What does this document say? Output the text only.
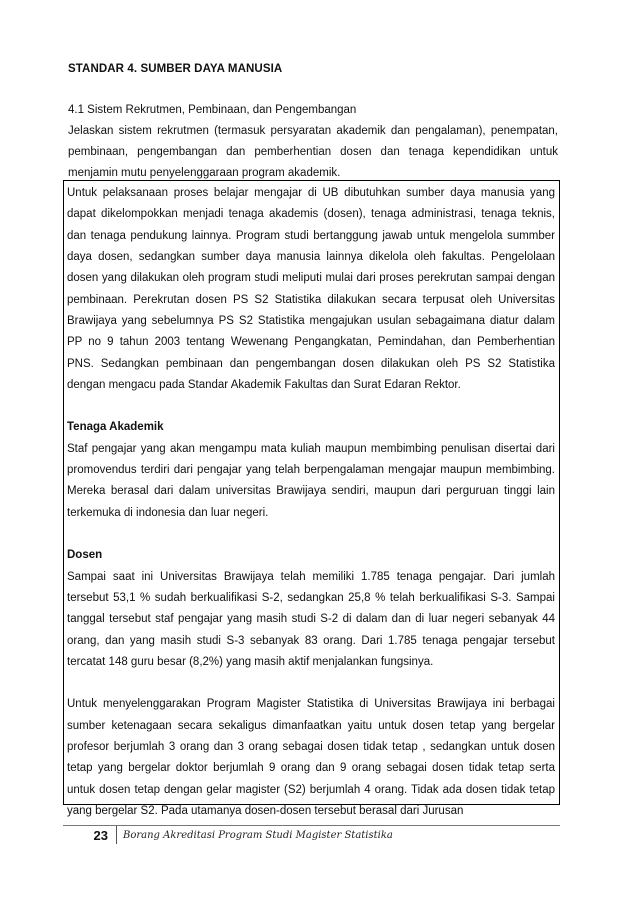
STANDAR 4. SUMBER DAYA MANUSIA
4.1 Sistem Rekrutmen, Pembinaan, dan Pengembangan
Jelaskan sistem rekrutmen (termasuk persyaratan akademik dan pengalaman), penempatan, pembinaan, pengembangan dan pemberhentian dosen dan tenaga kependidikan untuk menjamin mutu penyelenggaraan program akademik.

Untuk pelaksanaan proses belajar mengajar di UB dibutuhkan sumber daya manusia yang dapat dikelompokkan menjadi tenaga akademis (dosen), tenaga administrasi, tenaga teknis, dan tenaga pendukung lainnya. Program studi bertanggung jawab untuk mengelola summber daya dosen, sedangkan sumber daya manusia lainnya dikelola oleh fakultas. Pengelolaan dosen yang dilakukan oleh program studi meliputi mulai dari proses perekrutan sampai dengan pembinaan. Perekrutan dosen PS S2 Statistika dilakukan secara terpusat oleh Universitas Brawijaya yang sebelumnya PS S2 Statistika mengajukan usulan sebagaimana diatur dalam PP no 9 tahun 2003 tentang Wewenang Pengangkatan, Pemindahan, dan Pemberhentian PNS. Sedangkan pembinaan dan pengembangan dosen dilakukan oleh PS S2 Statistika dengan mengacu pada Standar Akademik Fakultas dan Surat Edaran Rektor.

Tenaga Akademik

Staf pengajar yang akan mengampu mata kuliah maupun membimbing penulisan disertai dari promovendus terdiri dari pengajar yang telah berpengalaman mengajar maupun membimbing. Mereka berasal dari dalam universitas Brawijaya sendiri, maupun dari perguruan tinggi lain terkemuka di indonesia dan luar negeri.

Dosen

Sampai saat ini Universitas Brawijaya telah memiliki 1.785 tenaga pengajar. Dari jumlah tersebut 53,1 % sudah berkualifikasi S-2, sedangkan 25,8 % telah berkualifikasi S-3. Sampai tanggal tersebut staf pengajar yang masih studi S-2 di dalam dan di luar negeri sebanyak 44 orang, dan yang masih studi S-3 sebanyak 83 orang. Dari 1.785 tenaga pengajar tersebut tercatat 148 guru besar (8,2%) yang masih aktif menjalankan fungsinya.

Untuk menyelenggarakan Program Magister Statistika di Universitas Brawijaya ini berbagai sumber ketenagaan secara sekaligus dimanfaatkan yaitu untuk dosen tetap yang bergelar profesor berjumlah 3 orang dan 3 orang sebagai dosen tidak tetap , sedangkan untuk dosen tetap yang bergelar doktor berjumlah 9 orang dan 9 orang sebagai dosen tidak tetap serta untuk dosen tetap dengan gelar magister (S2) berjumlah 4 orang. Tidak ada dosen tidak tetap yang bergelar S2. Pada utamanya dosen-dosen tersebut berasal dari Jurusan

23	Borang Akreditasi Program Studi Magister Statistika
